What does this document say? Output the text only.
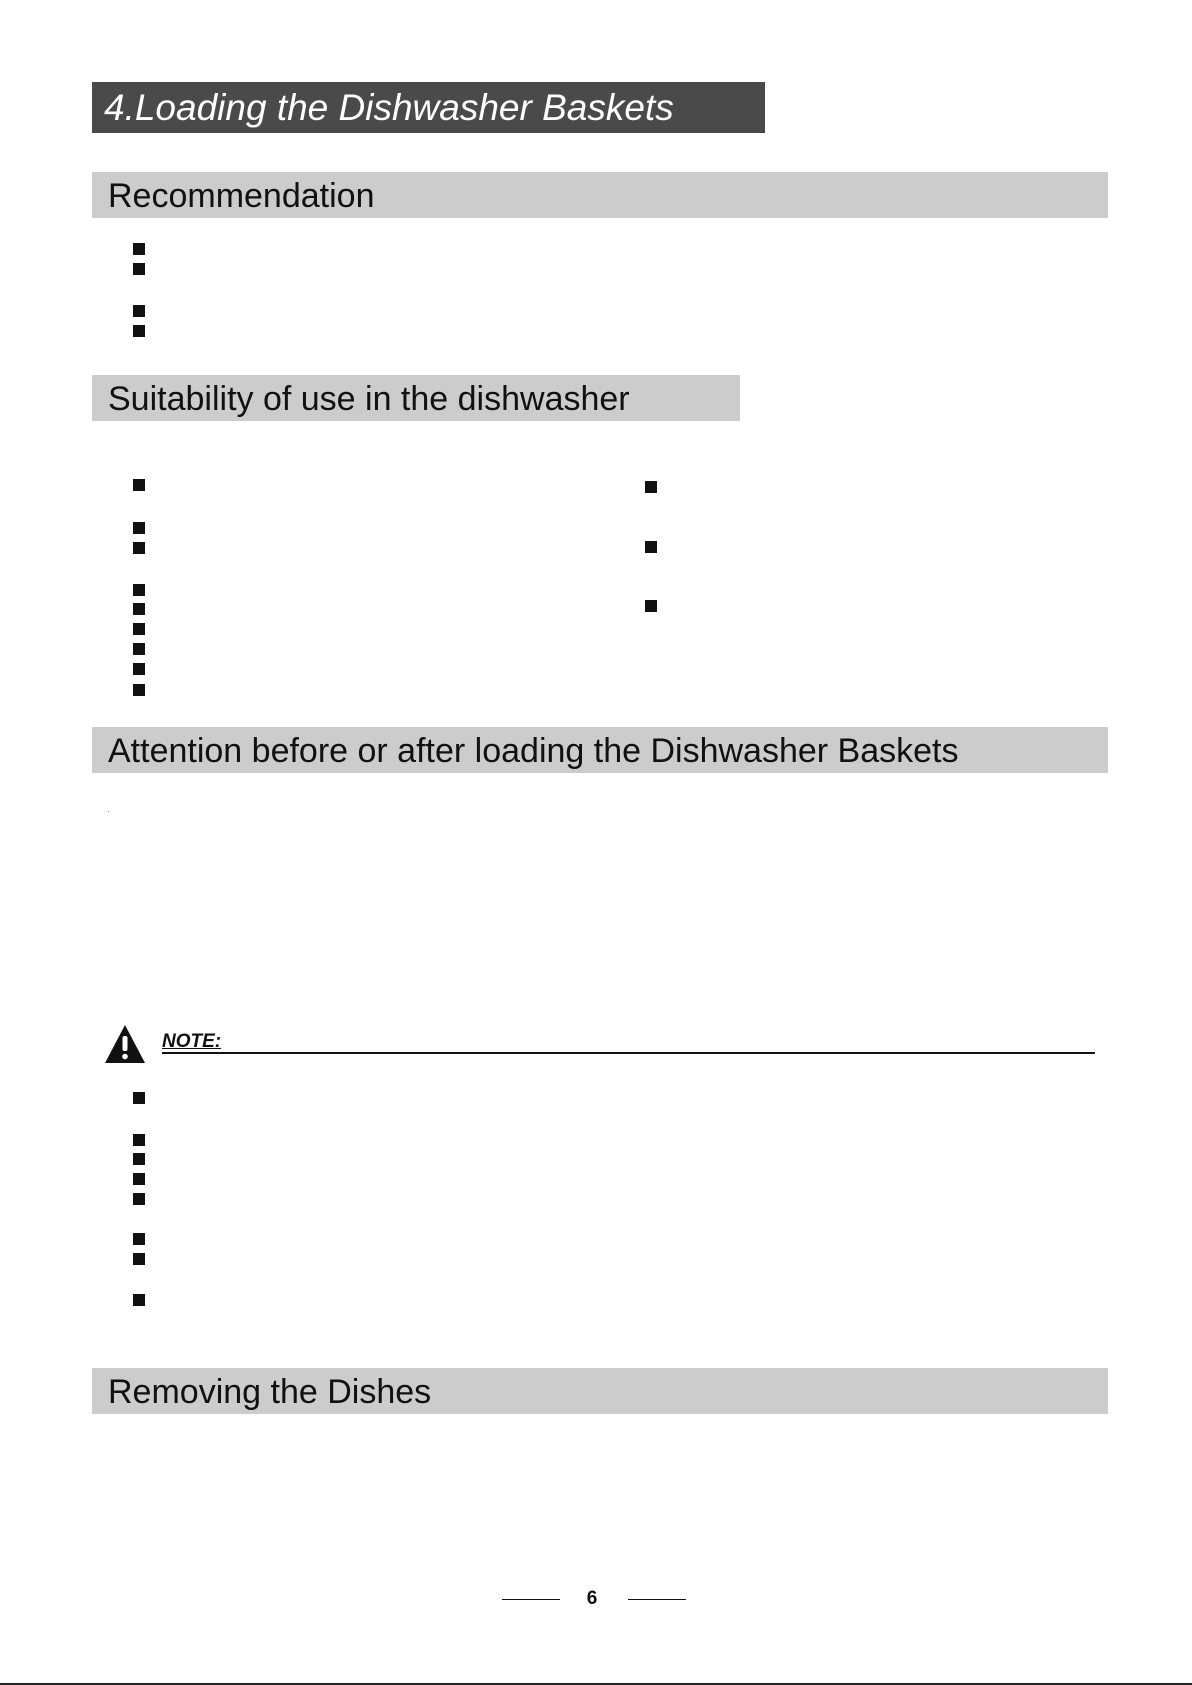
4.Loading the Dishwasher Baskets
Recommendation
Suitability of use in the dishwasher
Attention before or after loading the Dishwasher Baskets
NOTE:
Removing the Dishes
6
